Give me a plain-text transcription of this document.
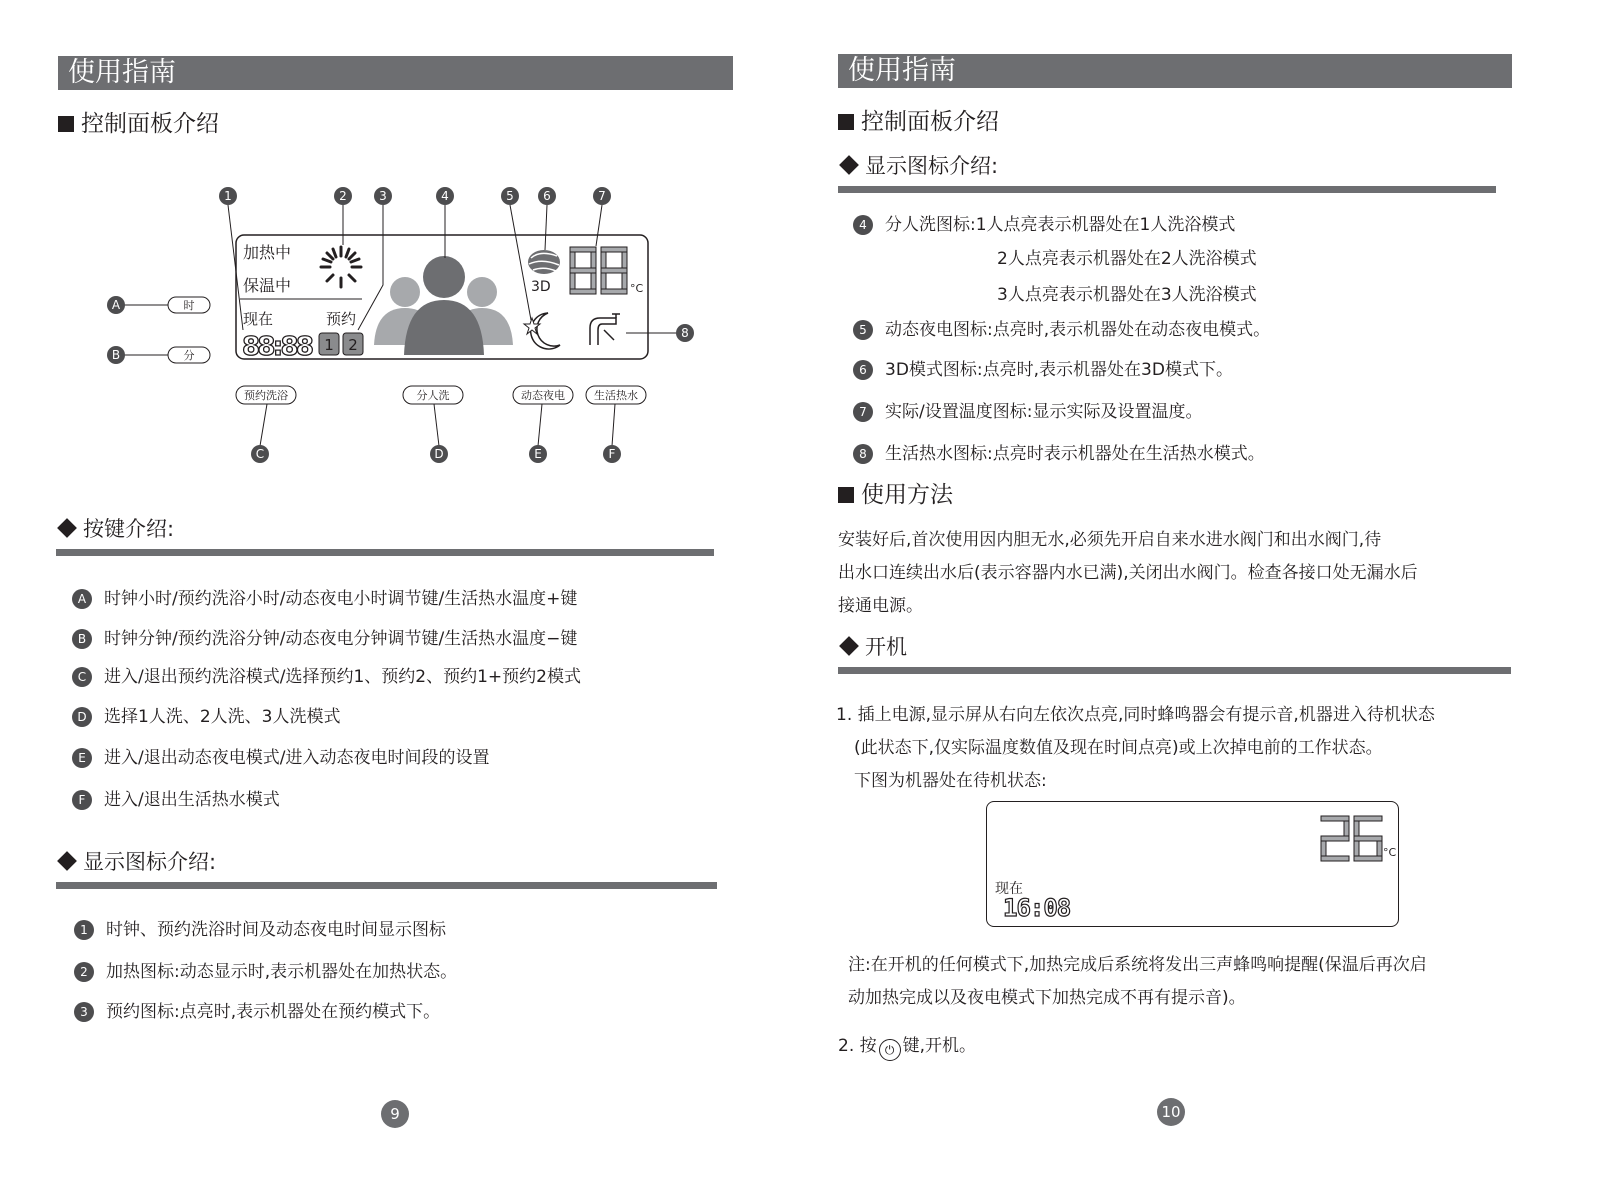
使用指南
控制面板介绍
加热中
保温中
现在	预约
88:88 1 2
3D	°C
1	2	3	4	5 6	7
8
A
B
C	D	E	F
时
分
预约洗浴	分人洗	动态夜电	生活热水
按键介绍:
A 时钟小时/预约洗浴小时/动态夜电小时调节键/生活热水温度+键
B 时钟分钟/预约洗浴分钟/动态夜电分钟调节键/生活热水温度−键
C 进入/退出预约洗浴模式/选择预约1、预约2、预约1+预约2模式
D 选择1人洗、2人洗、3人洗模式
E 进入/退出动态夜电模式/进入动态夜电时间段的设置
F 进入/退出生活热水模式
显示图标介绍:
1 时钟、预约洗浴时间及动态夜电时间显示图标
2 加热图标:动态显示时,表示机器处在加热状态。
3 预约图标:点亮时,表示机器处在预约模式下。
9
使用指南
控制面板介绍
显示图标介绍:
4 分人洗图标:1人点亮表示机器处在1人洗浴模式
2人点亮表示机器处在2人洗浴模式
3人点亮表示机器处在3人洗浴模式
5 动态夜电图标:点亮时,表示机器处在动态夜电模式。
6 3D模式图标:点亮时,表示机器处在3D模式下。
7 实际/设置温度图标:显示实际及设置温度。
8 生活热水图标:点亮时表示机器处在生活热水模式。
使用方法
安装好后,首次使用因内胆无水,必须先开启自来水进水阀门和出水阀门,待
出水口连续出水后(表示容器内水已满),关闭出水阀门。检查各接口处无漏水后
接通电源。
开机
1. 插上电源,显示屏从右向左依次点亮,同时蜂鸣器会有提示音,机器进入待机状态
(此状态下,仅实际温度数值及现在时间点亮)或上次掉电前的工作状态。
下图为机器处在待机状态:
°C
现在
16:08
注:在开机的任何模式下,加热完成后系统将发出三声蜂鸣响提醒(保温后再次启
动加热完成以及夜电模式下加热完成不再有提示音)。
2. 按 ⏻ 键,开机。
10
